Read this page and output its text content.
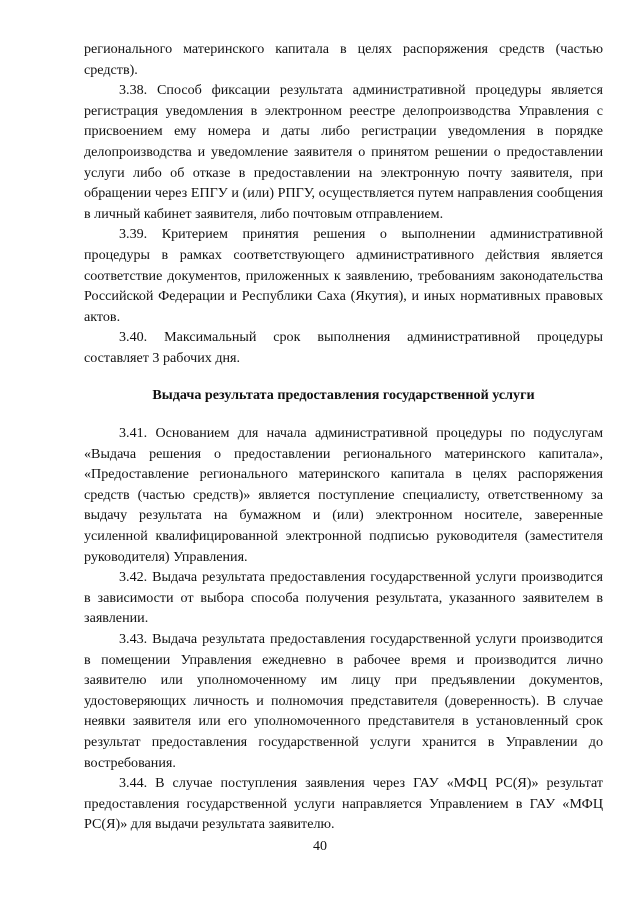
регионального материнского капитала в целях распоряжения средств (частью средств).

3.38. Способ фиксации результата административной процедуры является регистрация уведомления в электронном реестре делопроизводства Управления с присвоением ему номера и даты либо регистрации уведомления в порядке делопроизводства и уведомление заявителя о принятом решении о предоставлении услуги либо об отказе в предоставлении на электронную почту заявителя, при обращении через ЕПГУ и (или) РПГУ, осуществляется путем направления сообщения в личный кабинет заявителя, либо почтовым отправлением.

3.39. Критерием принятия решения о выполнении административной процедуры в рамках соответствующего административного действия является соответствие документов, приложенных к заявлению, требованиям законодательства Российской Федерации и Республики Саха (Якутия), и иных нормативных правовых актов.

3.40. Максимальный срок выполнения административной процедуры составляет 3 рабочих дня.

Выдача результата предоставления государственной услуги

3.41. Основанием для начала административной процедуры по подуслугам «Выдача решения о предоставлении регионального материнского капитала», «Предоставление регионального материнского капитала в целях распоряжения средств (частью средств)» является поступление специалисту, ответственному за выдачу результата на бумажном и (или) электронном носителе, заверенные усиленной квалифицированной электронной подписью руководителя (заместителя руководителя) Управления.

3.42. Выдача результата предоставления государственной услуги производится в зависимости от выбора способа получения результата, указанного заявителем в заявлении.

3.43. Выдача результата предоставления государственной услуги производится в помещении Управления ежедневно в рабочее время и производится лично заявителю или уполномоченному им лицу при предъявлении документов, удостоверяющих личность и полномочия представителя (доверенность). В случае неявки заявителя или его уполномоченного представителя в установленный срок результат предоставления государственной услуги хранится в Управлении до востребования.

3.44. В случае поступления заявления через ГАУ «МФЦ РС(Я)» результат предоставления государственной услуги направляется Управлением в ГАУ «МФЦ РС(Я)» для выдачи результата заявителю.

40
